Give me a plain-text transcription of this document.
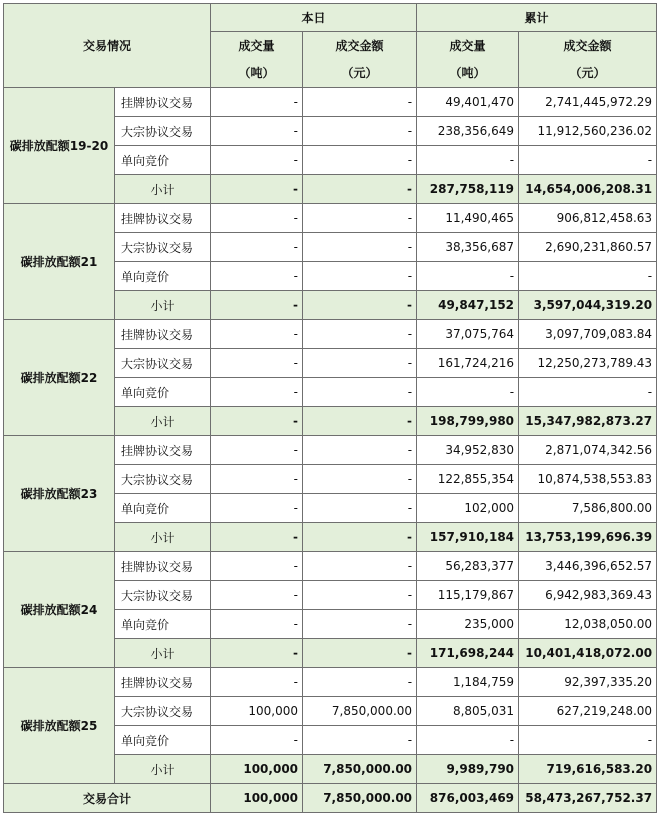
交易情况		本日		累计	
		成交量	成交金额	成交量	成交金额
		（吨）	（元）	（吨）	（元）
碳排放配额19-20	挂牌协议交易	-	-	49,401,470	2,741,445,972.29
	大宗协议交易	-	-	238,356,649	11,912,560,236.02
	单向竞价	-	-	-	-
	小计	-	-	287,758,119	14,654,006,208.31
碳排放配额21	挂牌协议交易	-	-	11,490,465	906,812,458.63
	大宗协议交易	-	-	38,356,687	2,690,231,860.57
	单向竞价	-	-	-	-
	小计	-	-	49,847,152	3,597,044,319.20
碳排放配额22	挂牌协议交易	-	-	37,075,764	3,097,709,083.84
	大宗协议交易	-	-	161,724,216	12,250,273,789.43
	单向竞价	-	-	-	-
	小计	-	-	198,799,980	15,347,982,873.27
碳排放配额23	挂牌协议交易	-	-	34,952,830	2,871,074,342.56
	大宗协议交易	-	-	122,855,354	10,874,538,553.83
	单向竞价	-	-	102,000	7,586,800.00
	小计	-	-	157,910,184	13,753,199,696.39
碳排放配额24	挂牌协议交易	-	-	56,283,377	3,446,396,652.57
	大宗协议交易	-	-	115,179,867	6,942,983,369.43
	单向竞价	-	-	235,000	12,038,050.00
	小计	-	-	171,698,244	10,401,418,072.00
碳排放配额25	挂牌协议交易	-	-	1,184,759	92,397,335.20
	大宗协议交易	100,000	7,850,000.00	8,805,031	627,219,248.00
	单向竞价	-	-	-	-
	小计	100,000	7,850,000.00	9,989,790	719,616,583.20
交易合计		100,000	7,850,000.00	876,003,469	58,473,267,752.37
